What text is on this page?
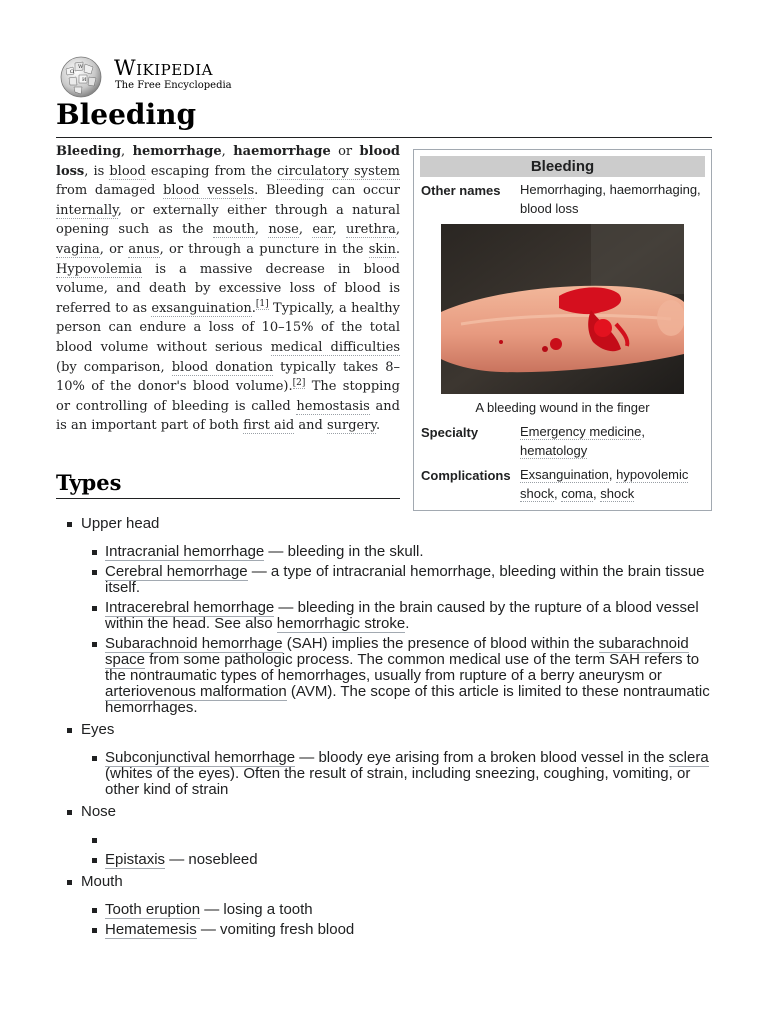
Ω
W
И Wikipedia
The Free Encyclopedia
Bleeding

Bleeding, hemorrhage, haemorrhage or blood loss, is blood escaping from the circulatory system from damaged blood vessels. Bleeding can occur internally, or externally either through a natural opening such as the mouth, nose, ear, urethra, vagina, or anus, or through a puncture in the skin. Hypovolemia is a massive decrease in blood volume, and death by excessive loss of blood is referred to as exsanguination.[1] Typically, a healthy person can endure a loss of 10–15% of the total blood volume without serious medical difficulties (by comparison, blood donation typically takes 8–10% of the donor's blood volume).[2] The stopping or controlling of bleeding is called hemostasis and is an important part of both first aid and surgery.

Bleeding
Other names Hemorrhaging, haemorrhaging, blood loss
A bleeding wound in the finger
Specialty	Emergency medicine,
hematology
Complications Exsanguination, hypovolemic shock, coma, shock
Types
Upper head
Intracranial hemorrhage — bleeding in the skull.
Cerebral hemorrhage — a type of intracranial hemorrhage, bleeding within the brain tissue itself.
Intracerebral hemorrhage — bleeding in the brain caused by the rupture of a blood vessel within the head. See also hemorrhagic stroke.
Subarachnoid hemorrhage (SAH) implies the presence of blood within the subarachnoid space from some pathologic process. The common medical use of the term SAH refers to the nontraumatic types of hemorrhages, usually from rupture of a berry aneurysm or arteriovenous malformation (AVM). The scope of this article is limited to these nontraumatic hemorrhages.
Eyes
Subconjunctival hemorrhage — bloody eye arising from a broken blood vessel in the sclera (whites of the eyes). Often the result of strain, including sneezing, coughing, vomiting, or other kind of strain
Nose
Epistaxis — nosebleed
Mouth
Tooth eruption — losing a tooth
Hematemesis — vomiting fresh blood
